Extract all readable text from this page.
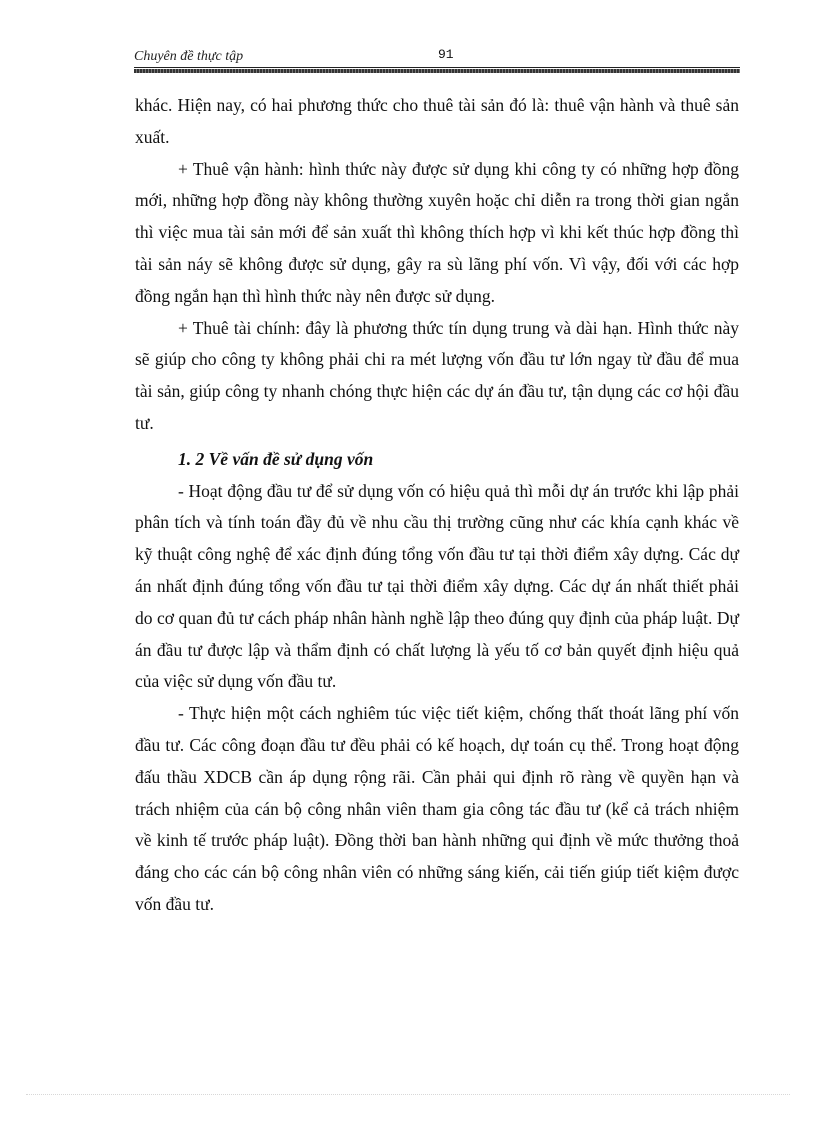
Chuyên đề thực tập	91

khác. Hiện nay, có hai phương thức cho thuê tài sản đó là: thuê vận hành và thuê sản xuất.

+ Thuê vận hành: hình thức này được sử dụng khi công ty có những hợp đồng mới, những hợp đồng này không thường xuyên hoặc chỉ diễn ra trong thời gian ngắn thì việc mua tài sản mới để sản xuất thì không thích hợp vì khi kết thúc hợp đồng thì tài sản náy sẽ không được sử dụng, gây ra sù lãng phí vốn. Vì vậy, đối với các hợp đồng ngắn hạn thì hình thức này nên được sử dụng.

+ Thuê tài chính: đây là phương thức tín dụng trung và dài hạn. Hình thức này sẽ giúp cho công ty không phải chi ra mét lượng vốn đầu tư lớn ngay từ đầu để mua tài sản, giúp công ty nhanh chóng thực hiện các dự án đầu tư, tận dụng các cơ hội đầu tư.

1. 2 Về vấn đề sử dụng vốn

- Hoạt động đầu tư để sử dụng vốn có hiệu quả thì mỗi dự án trước khi lập phải phân tích và tính toán đầy đủ về nhu cầu thị trường cũng như các khía cạnh khác về kỹ thuật công nghệ để xác định đúng tổng vốn đầu tư tại thời điểm xây dựng. Các dự án nhất định đúng tổng vốn đầu tư tại thời điểm xây dựng. Các dự án nhất thiết phải do cơ quan đủ tư cách pháp nhân hành nghề lập theo đúng quy định của pháp luật. Dự án đầu tư được lập và thẩm định có chất lượng là yếu tố cơ bản quyết định hiệu quả của việc sử dụng vốn đầu tư.

- Thực hiện một cách nghiêm túc việc tiết kiệm, chống thất thoát lãng phí vốn đầu tư. Các công đoạn đầu tư đều phải có kế hoạch, dự toán cụ thể. Trong hoạt động đấu thầu XDCB cần áp dụng rộng rãi. Cần phải qui định rõ ràng về quyền hạn và trách nhiệm của cán bộ công nhân viên tham gia công tác đầu tư (kể cả trách nhiệm về kinh tế trước pháp luật). Đồng thời ban hành những qui định về mức thưởng thoả đáng cho các cán bộ công nhân viên có những sáng kiến, cải tiến giúp tiết kiệm được vốn đầu tư.
